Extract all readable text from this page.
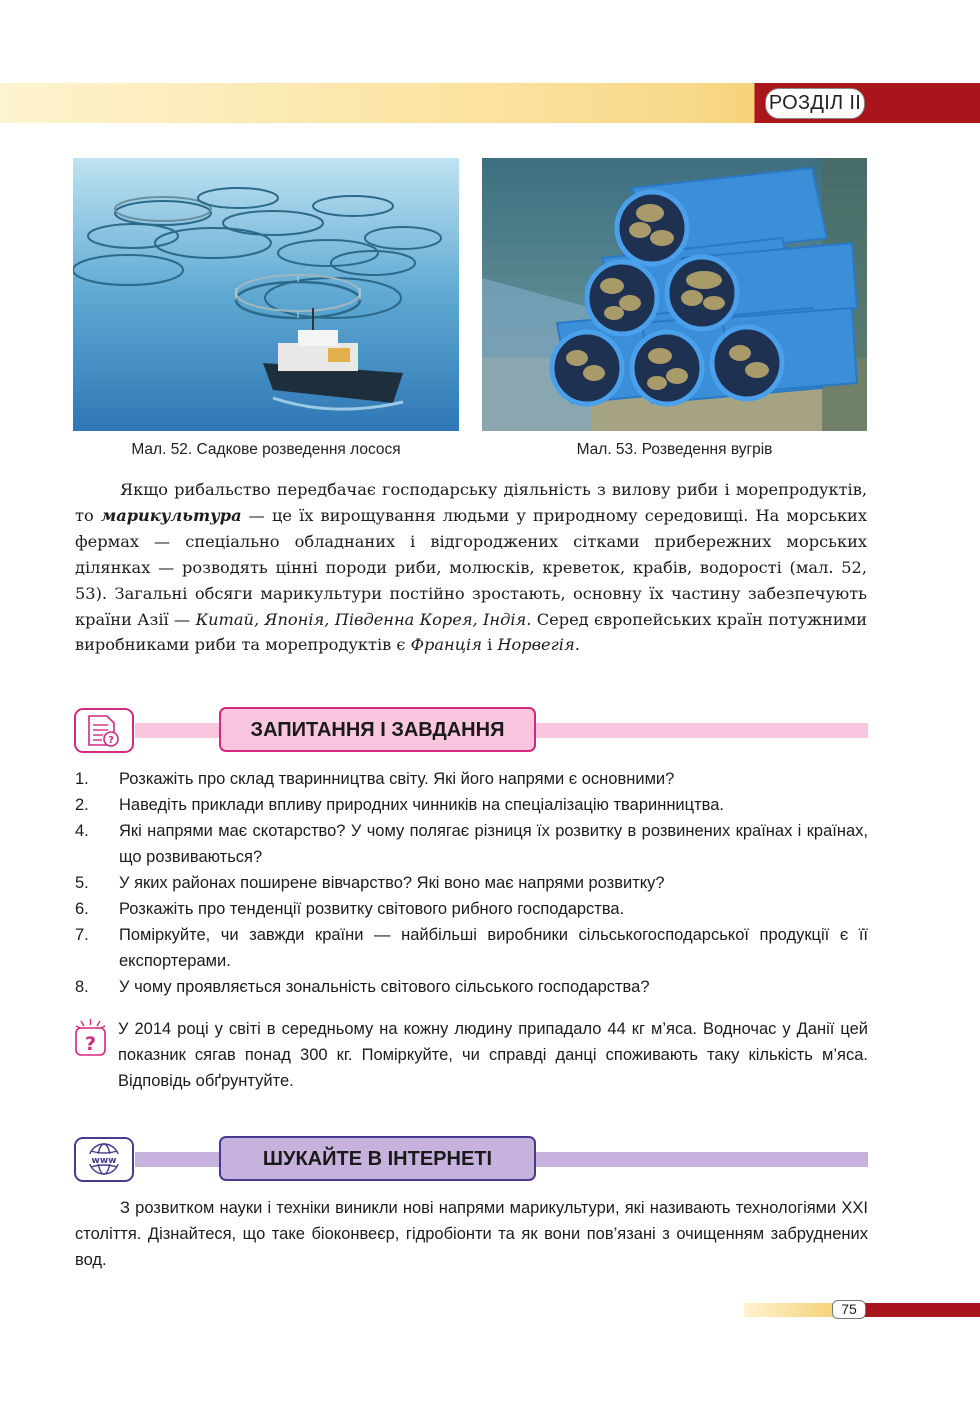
РОЗДІЛ ІІ
Мал. 52. Садкове розведення лосося	Мал. 53. Розведення вугрів

Якщо рибальство передбачає господарську діяльність з вилову риби і морепродуктів, то марикультура — це їх вирощування людьми у природному середовищі. На морських фермах — спеціально обладнаних і відгороджених сітками прибережних морських ділянках — розводять цінні породи риби, молюсків, креветок, крабів, водорості (мал. 52, 53). Загальні обсяги марикультури постійно зростають, основну їх частину забезпечують країни Азії — Китай, Японія, Південна Корея, Індія. Серед європейських країн потужними виробниками риби та морепродуктів є Франція і Норвегія.

?	ЗАПИТАННЯ І ЗАВДАННЯ
1.	Розкажіть про склад тваринництва світу. Які його напрями є основними?
2.	Наведіть приклади впливу природних чинників на спеціалізацію тваринництва.
4.	Які напрями має скотарство? У чому полягає різниця їх розвитку в розвинених країнах і країнах, що розвиваються?
5.	У яких районах поширене вівчарство? Які воно має напрями розвитку?
6.	Розкажіть про тенденції розвитку світового рибного господарства.
7.	Поміркуйте, чи завжди країни — найбільші виробники сільськогосподарської продукції є її експортерами.
8.	У чому проявляється зональність світового сільського господарства?
?
У 2014 році у світі в середньому на кожну людину припадало 44 кг м’яса. Водночас у Данії цей показник сягав понад 300 кг. Поміркуйте, чи справді данці споживають таку кількість м’яса. Відповідь обґрунтуйте.
www	ШУКАЙТЕ В ІНТЕРНЕТІ

З розвитком науки і техніки виникли нові напрями марикультури, які називають технологіями ХХІ століття. Дізнайтеся, що таке біоконвеєр, гідробіонти та як вони пов’язані з очищенням забруднених вод.

75
